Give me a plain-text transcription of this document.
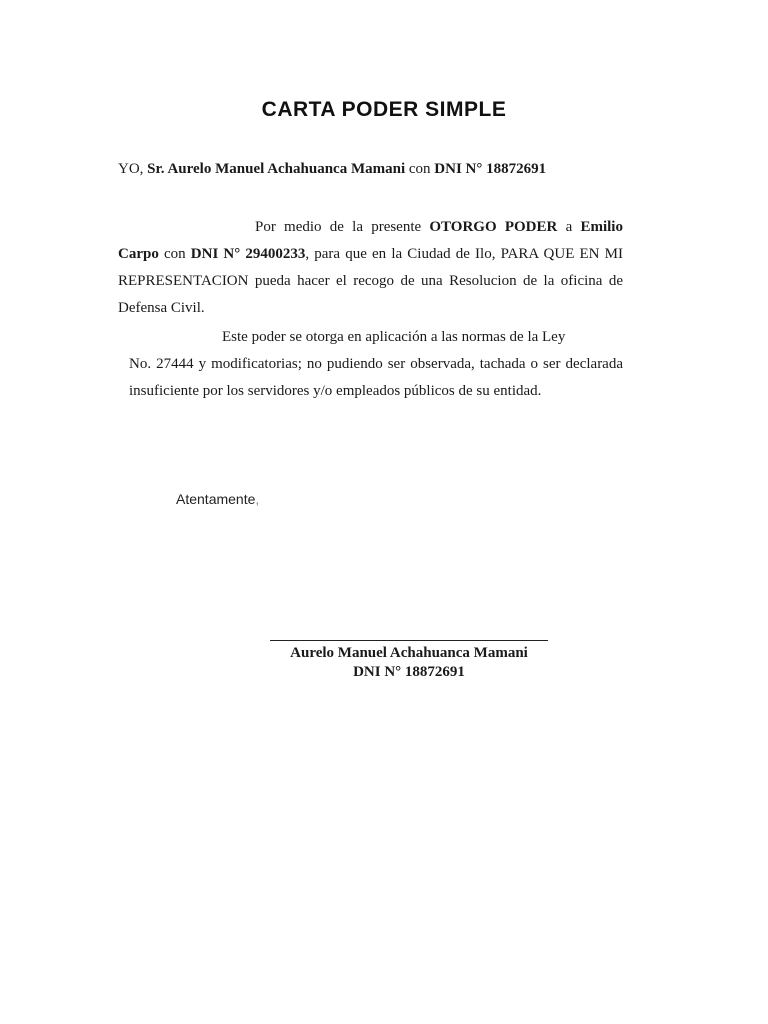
CARTA PODER SIMPLE
YO, Sr. Aurelo Manuel Achahuanca Mamani con DNI N° 18872691
Por medio de la presente OTORGO PODER a Emilio Carpo con DNI N° 29400233, para que en la Ciudad de Ilo, PARA QUE EN MI REPRESENTACION pueda hacer el recogo de una Resolucion de la oficina de Defensa Civil.
Este poder se otorga en aplicación a las normas de la Ley
No. 27444 y modificatorias; no pudiendo ser observada, tachada o ser declarada insuficiente por los servidores y/o empleados públicos de su entidad.
Atentamente,
Aurelo Manuel Achahuanca Mamani
DNI N° 18872691
